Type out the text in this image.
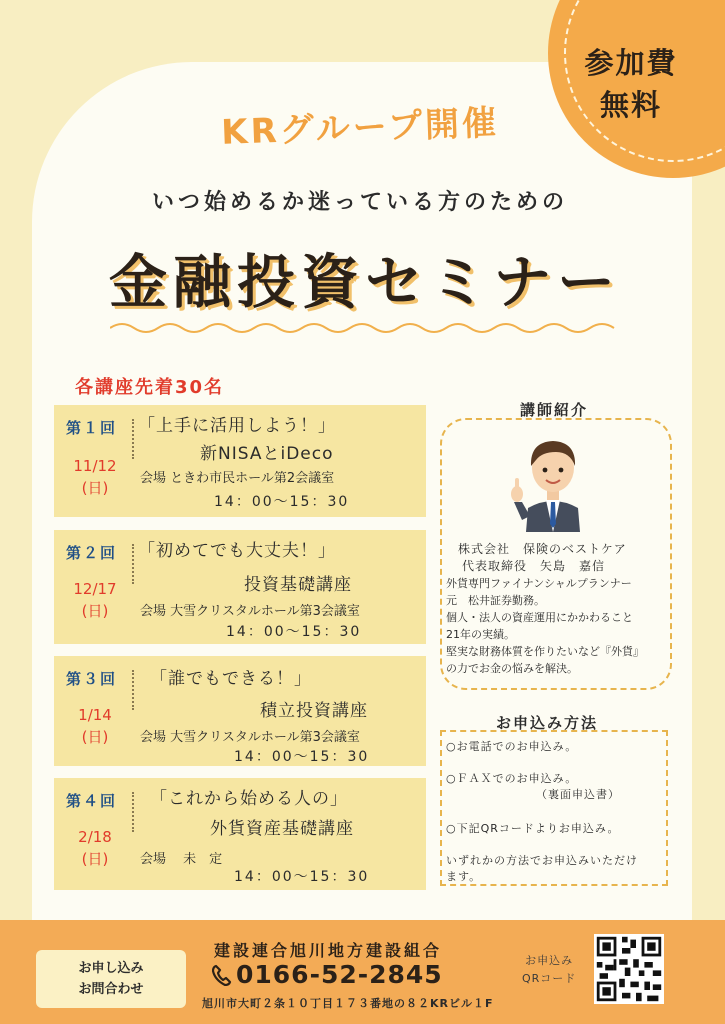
参加費
無料
KRグループ開催
いつ始めるか迷っている方のための
金融投資セミナー
各講座先着30名
第１回
11/12
(日)
「上手に活用しよう！」
新NISAとiDeco
会場 ときわ市民ホール第2会議室
14：00～15：30
第２回
12/17
(日)
「初めてでも大丈夫！」
投資基礎講座
会場 大雪クリスタルホール第3会議室
14：00～15：30
第３回
1/14
(日)
「誰でもできる！」
積立投資講座
会場 大雪クリスタルホール第3会議室
14：00～15：30
第４回
2/18
(日)
「これから始める人の」
外貨資産基礎講座
会場　 未　定
14：00～15：30
講師紹介
株式会社　保険のベストケア
代表取締役　矢島　嘉信
外貨専門ファイナンシャルプランナー
元　松井証券勤務。
個人・法人の資産運用にかかわること
21年の実績。
堅実な財務体質を作りたいなど『外貨』
の力でお金の悩みを解決。
お申込み方法
○お電話でのお申込み。
○ＦＡＸでのお申込み。
（裏面申込書）
○下記QRコードよりお申込み。
いずれかの方法でお申込みいただけ
ます。
お申し込み
お問合わせ
建設連合旭川地方建設組合
0166-52-2845
旭川市大町２条１０丁目１７３番地の８２KRビル１F
お申込み
QRコード
